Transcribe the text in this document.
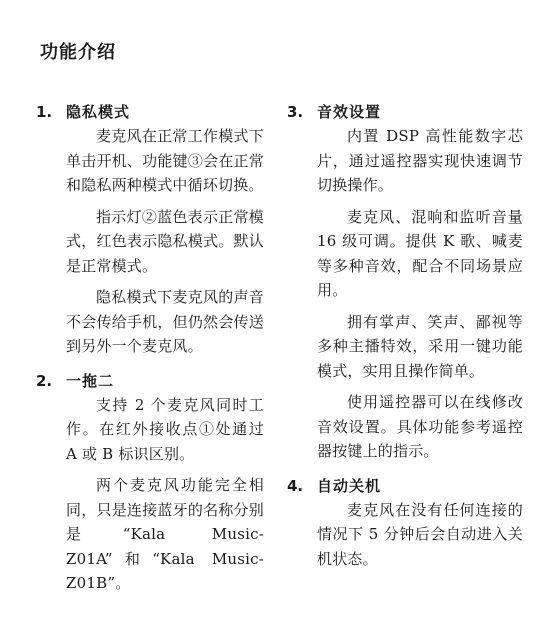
功能介绍
1. 隐私模式

麦克风在正常工作模式下单击开机、功能键③会在正常和隐私两种模式中循环切换。

指示灯②蓝色表示正常模式，红色表示隐私模式。默认是正常模式。

隐私模式下麦克风的声音不会传给手机，但仍然会传送到另外一个麦克风。

2. 一拖二

支持 2 个麦克风同时工作。在红外接收点①处通过 A 或 B 标识区别。

两个麦克风功能完全相同，只是连接蓝牙的名称分别是“Kala Music-Z01A”和“Kala Music-Z01B”。

3. 音效设置

内置 DSP 高性能数字芯片，通过遥控器实现快速调节切换操作。

麦克风、混响和监听音量 16 级可调。提供 K 歌、喊麦等多种音效，配合不同场景应用。

拥有掌声、笑声、鄙视等多种主播特效，采用一键功能模式，实用且操作简单。

使用遥控器可以在线修改音效设置。具体功能参考遥控器按键上的指示。

4. 自动关机

麦克风在没有任何连接的情况下 5 分钟后会自动进入关机状态。
